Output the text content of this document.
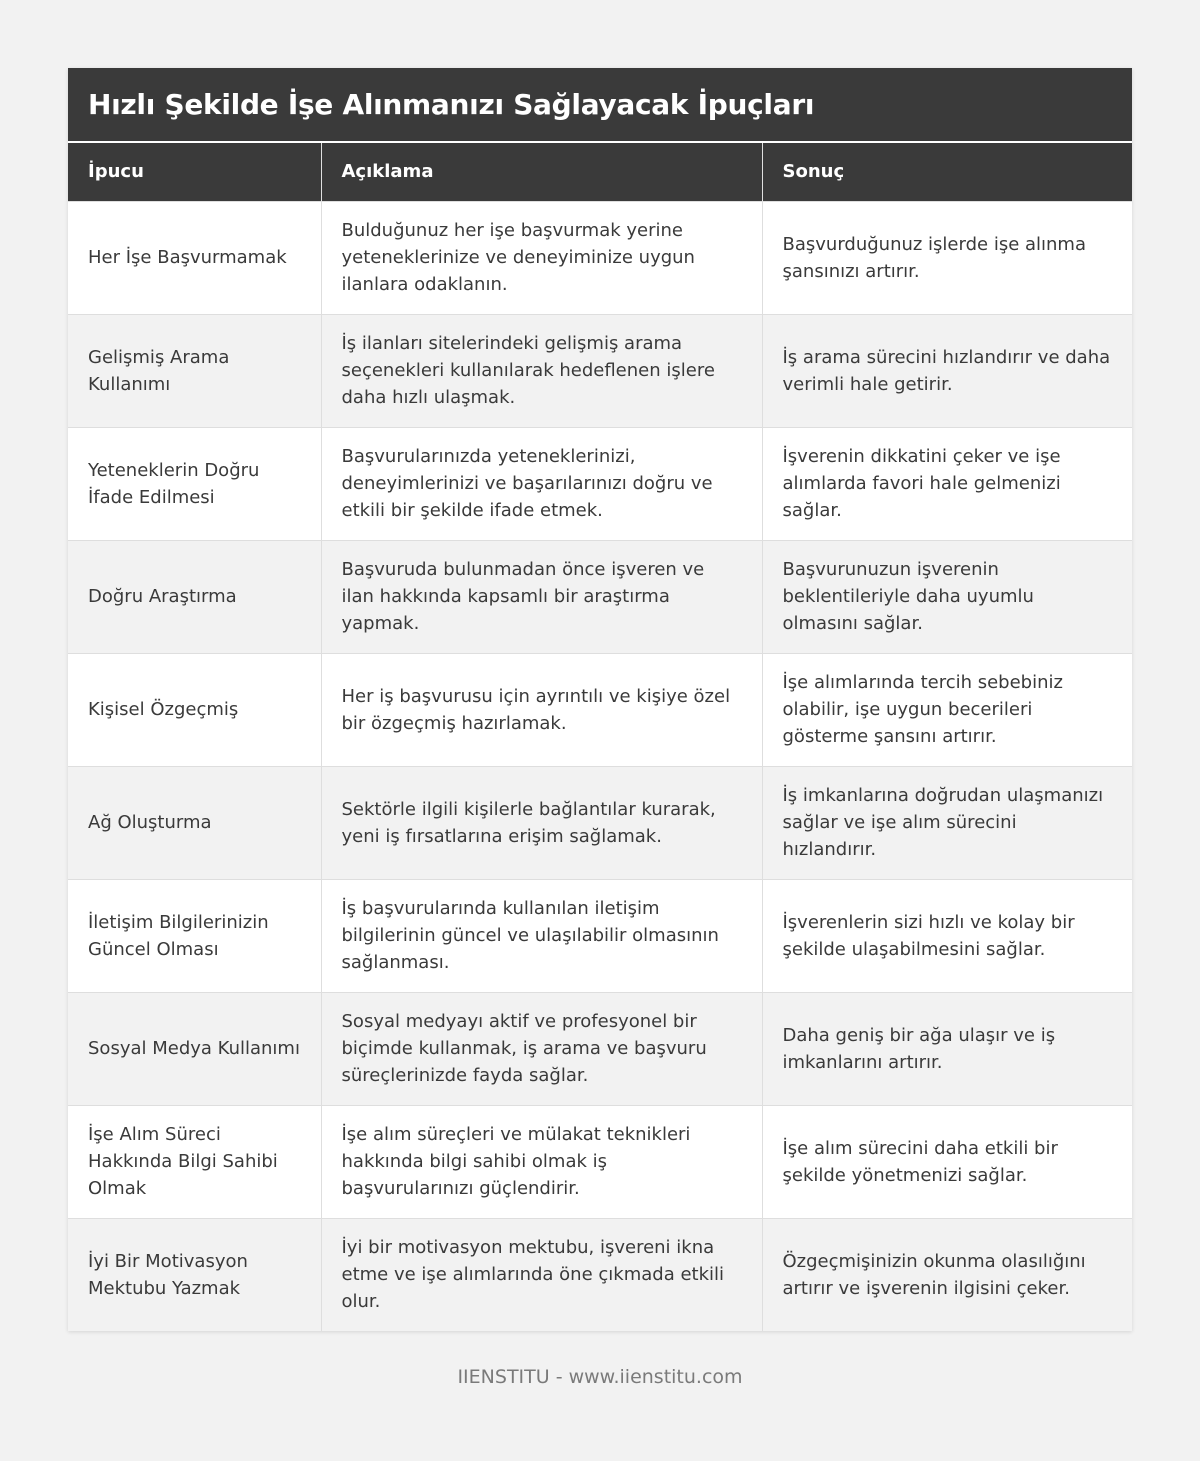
Hızlı Şekilde İşe Alınmanızı Sağlayacak İpuçları
İpucu	Açıklama	Sonuç
Her İşe Başvurmamak	Bulduğunuz her işe başvurmak yerine yeteneklerinize ve deneyiminize uygun ilanlara odaklanın.	Başvurduğunuz işlerde işe alınma şansınızı artırır.
Gelişmiş Arama Kullanımı	İş ilanları sitelerindeki gelişmiş arama seçenekleri kullanılarak hedeflenen işlere daha hızlı ulaşmak.	İş arama sürecini hızlandırır ve daha verimli hale getirir.
Yeteneklerin Doğru İfade Edilmesi	Başvurularınızda yeteneklerinizi, deneyimlerinizi ve başarılarınızı doğru ve etkili bir şekilde ifade etmek.	İşverenin dikkatini çeker ve işe alımlarda favori hale gelmenizi sağlar.
Doğru Araştırma	Başvuruda bulunmadan önce işveren ve ilan hakkında kapsamlı bir araştırma yapmak.	Başvurunuzun işverenin beklentileriyle daha uyumlu olmasını sağlar.
Kişisel Özgeçmiş	Her iş başvurusu için ayrıntılı ve kişiye özel bir özgeçmiş hazırlamak.	İşe alımlarında tercih sebebiniz olabilir, işe uygun becerileri gösterme şansını artırır.
Ağ Oluşturma	Sektörle ilgili kişilerle bağlantılar kurarak, yeni iş fırsatlarına erişim sağlamak.	İş imkanlarına doğrudan ulaşmanızı sağlar ve işe alım sürecini hızlandırır.
İletişim Bilgilerinizin Güncel Olması	İş başvurularında kullanılan iletişim bilgilerinin güncel ve ulaşılabilir olmasının sağlanması.	İşverenlerin sizi hızlı ve kolay bir şekilde ulaşabilmesini sağlar.
Sosyal Medya Kullanımı	Sosyal medyayı aktif ve profesyonel bir biçimde kullanmak, iş arama ve başvuru süreçlerinizde fayda sağlar.	Daha geniş bir ağa ulaşır ve iş imkanlarını artırır.
İşe Alım Süreci Hakkında Bilgi Sahibi Olmak	İşe alım süreçleri ve mülakat teknikleri hakkında bilgi sahibi olmak iş başvurularınızı güçlendirir.	İşe alım sürecini daha etkili bir şekilde yönetmenizi sağlar.
İyi Bir Motivasyon Mektubu Yazmak	İyi bir motivasyon mektubu, işvereni ikna etme ve işe alımlarında öne çıkmada etkili olur.	Özgeçmişinizin okunma olasılığını artırır ve işverenin ilgisini çeker.
IIENSTITU - www.iienstitu.com
